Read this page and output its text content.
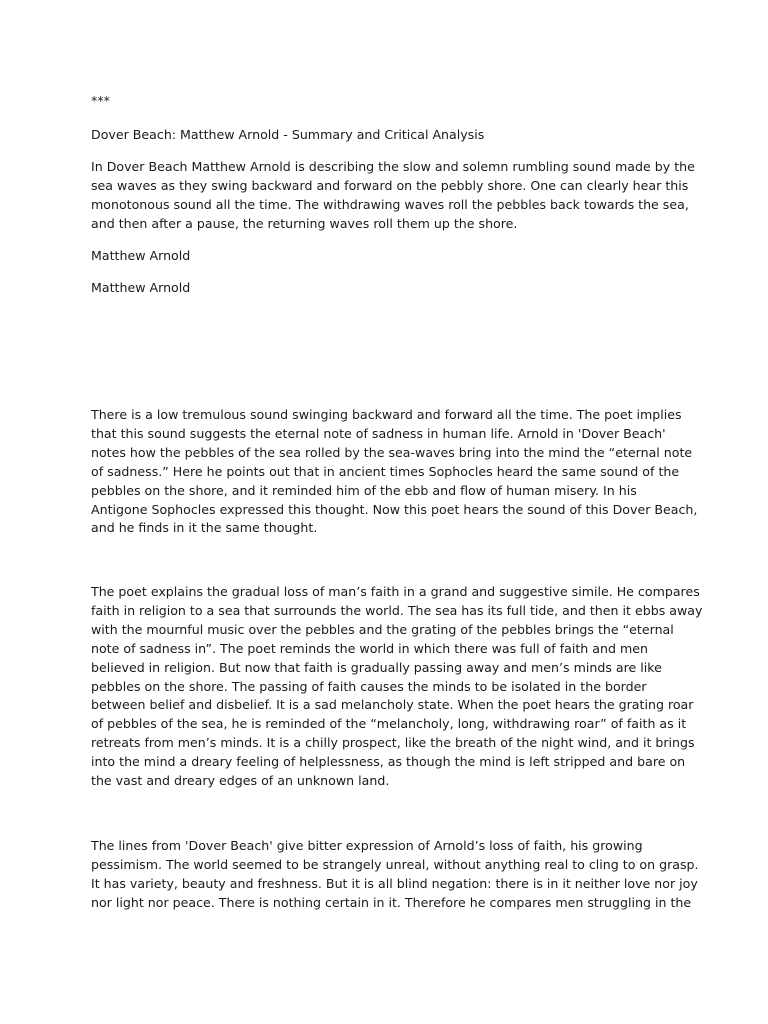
***

Dover Beach: Matthew Arnold - Summary and Critical Analysis

In Dover Beach Matthew Arnold is describing the slow and solemn rumbling sound made by the
sea waves as they swing backward and forward on the pebbly shore. One can clearly hear this
monotonous sound all the time. The withdrawing waves roll the pebbles back towards the sea,
and then after a pause, the returning waves roll them up the shore.

Matthew Arnold

Matthew Arnold

There is a low tremulous sound swinging backward and forward all the time. The poet implies
that this sound suggests the eternal note of sadness in human life. Arnold in 'Dover Beach'
notes how the pebbles of the sea rolled by the sea-waves bring into the mind the “eternal note
of sadness.” Here he points out that in ancient times Sophocles heard the same sound of the
pebbles on the shore, and it reminded him of the ebb and flow of human misery. In his
Antigone Sophocles expressed this thought. Now this poet hears the sound of this Dover Beach,
and he finds in it the same thought.

The poet explains the gradual loss of man’s faith in a grand and suggestive simile. He compares
faith in religion to a sea that surrounds the world. The sea has its full tide, and then it ebbs away
with the mournful music over the pebbles and the grating of the pebbles brings the “eternal
note of sadness in”. The poet reminds the world in which there was full of faith and men
believed in religion. But now that faith is gradually passing away and men’s minds are like
pebbles on the shore. The passing of faith causes the minds to be isolated in the border
between belief and disbelief. It is a sad melancholy state. When the poet hears the grating roar
of pebbles of the sea, he is reminded of the “melancholy, long, withdrawing roar” of faith as it
retreats from men’s minds. It is a chilly prospect, like the breath of the night wind, and it brings
into the mind a dreary feeling of helplessness, as though the mind is left stripped and bare on
the vast and dreary edges of an unknown land.

The lines from 'Dover Beach' give bitter expression of Arnold’s loss of faith, his growing
pessimism. The world seemed to be strangely unreal, without anything real to cling to on grasp.
It has variety, beauty and freshness. But it is all blind negation: there is in it neither love nor joy
nor light nor peace. There is nothing certain in it. Therefore he compares men struggling in the
